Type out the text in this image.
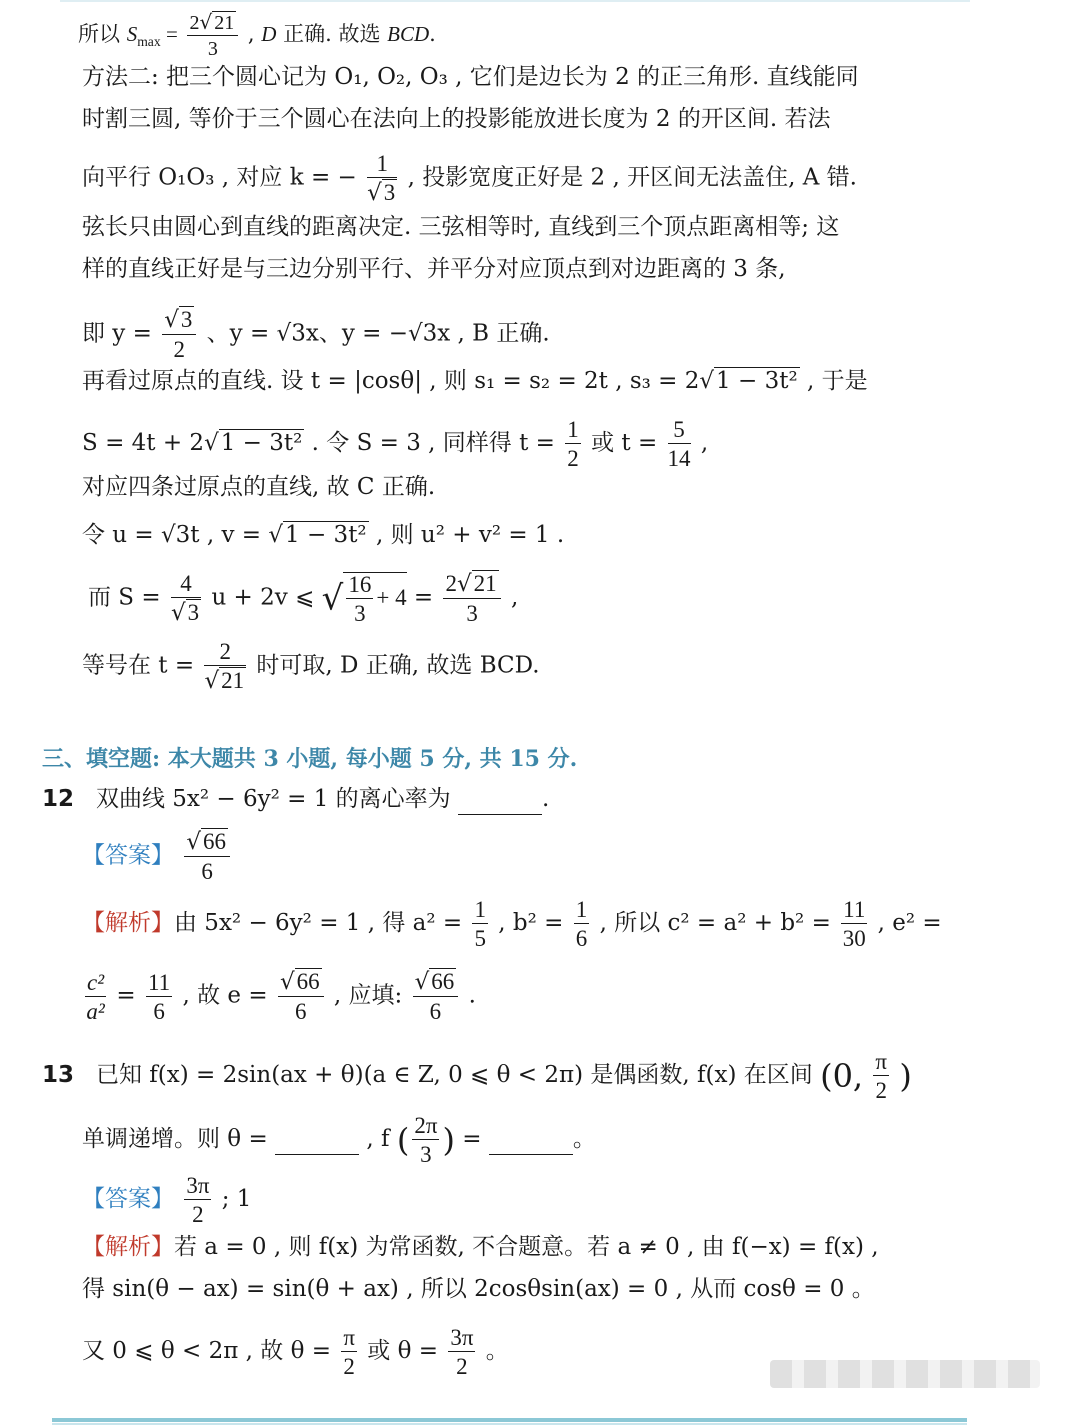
所以 $S_{max} = \frac{2√ 21}{3}$ , D 正确. 故选 BCD.
方法二: 把三个圆心记为 O₁, O₂, O₃ , 它们是边长为 2 的正三角形. 直线能同
时割三圆, 等价于三个圆心在法向上的投影能放进长度为 2 的开区间. 若法
向平行 O₁O₃ , 对应 k = − $\frac{1}{√3}$ , 投影宽度正好是 2 , 开区间无法盖住, A 错.
弦长只由圆心到直线的距离决定. 三弦相等时, 直线到三个顶点距离相等; 这
样的直线正好是与三边分别平行、并平分对应顶点到对边距离的 3 条,
即 $y = \frac{√3}{2}$ 、y = √3x、y = −√3x , B 正确.
再看过原点的直线. 设 t = |cosθ| , 则 s₁ = s₂ = 2t , s₃ = 2√1 − 3t² , 于是
S = 4t + 2√1 − 3t² . 令 S = 3 , 同样得 $t = \frac{1}{2}$ 或 $t = \frac{5}{14}$ ,
对应四条过原点的直线, 故 C 正确.
令 u = √3t , v = √1 − 3t² , 则 u² + v² = 1 .
而 $S = \frac{4}{√3}$ u + 2v ⩽ √ $\frac{16}{3} + 4 = \frac{2√21}{3}$ ,
等号在 $t = \frac{2}{√21}$ 时可取, D 正确, 故选 BCD.
三、填空题: 本大题共 3 小题, 每小题 5 分, 共 15 分.
12 双曲线 5x² − 6y² = 1 的离心率为	.
【答案】 $\frac{√66}{6}$
【解析】由 5x² − 6y² = 1 , 得 $a^2 = \frac{1}{5}$ , $b^2 = \frac{1}{6}$ , 所以 $c^2 = a^2 + b^2 = \frac{11}{30}$ , e² =
$\frac{\text{c²}}{\text{a²}} = \frac{11}{6}$ , 故 $e = \frac{√66}{6}$ , 应填: $\frac{√66}{6}$ .
13 已知 f(x) = 2sin(ax + θ)(a ∈ Z, 0 ⩽ θ < 2π) 是偶函数, f(x) 在区间 (0, $\frac{\pi}{2}$ )
单调递增。则 θ =	, f ( $\frac{2\pi}{3}$ ) =	。
【答案】 $\frac{3\pi}{2}$ ; 1
【解析】若 a = 0 , 则 f(x) 为常函数, 不合题意。若 a ≠ 0 , 由 f(−x) = f(x) ,
得 sin(θ − ax) = sin(θ + ax) , 所以 2cosθsin(ax) = 0 , 从而 cosθ = 0 。
又 0 ⩽ θ < 2π , 故 $\theta = \frac{\pi}{2}$ 或 $\theta = \frac{3\pi}{2}$ 。
